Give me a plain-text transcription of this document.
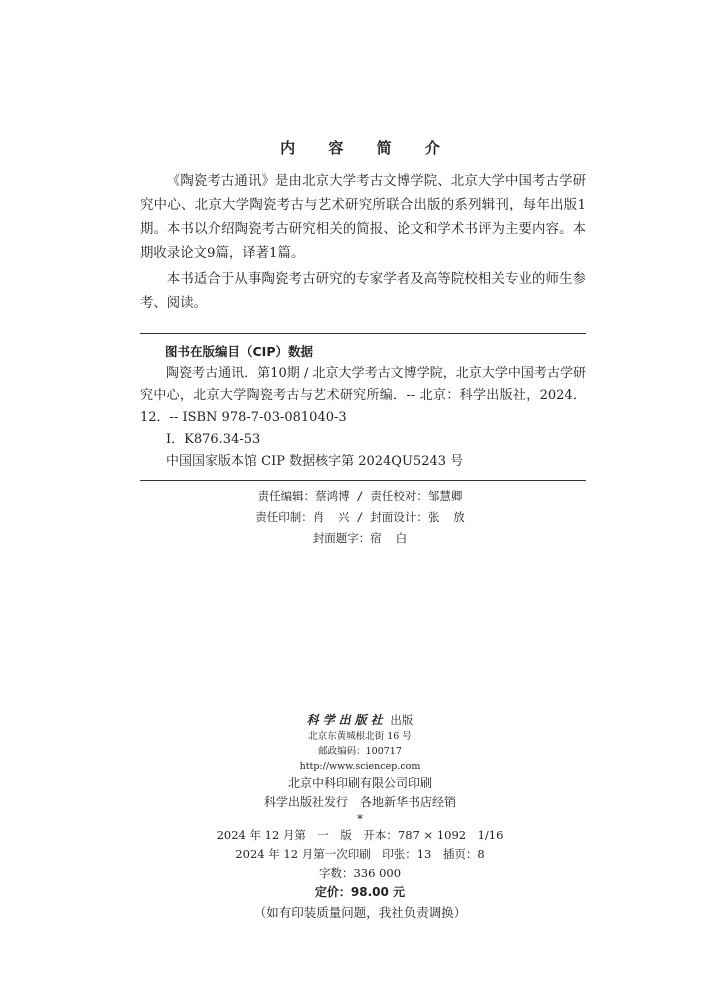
内 容 简 介

《陶瓷考古通讯》是由北京大学考古文博学院、北京大学中国考古学研究中心、北京大学陶瓷考古与艺术研究所联合出版的系列辑刊，每年出版1期。本书以介绍陶瓷考古研究相关的简报、论文和学术书评为主要内容。本期收录论文9篇，译著1篇。

本书适合于从事陶瓷考古研究的专家学者及高等院校相关专业的师生参考、阅读。

图书在版编目（CIP）数据
陶瓷考古通讯．第10期 / 北京大学考古文博学院，北京大学中国考古学研究中心，北京大学陶瓷考古与艺术研究所编．-- 北京：科学出版社，2024．12．-- ISBN 978-7-03-081040-3
Ⅰ．K876.34-53
中国国家版本馆 CIP 数据核字第 2024QU5243 号
责任编辑：蔡鸿博 / 责任校对：邹慧卿
责任印制：肖  兴 / 封面设计：张  放
封面题字：宿  白
科学出版社 出版
北京东黄城根北街 16 号
邮政编码：100717
http://www.sciencep.com
北京中科印刷有限公司印刷
科学出版社发行　各地新华书店经销
*
2024 年 12 月第　一　版　开本：787 × 1092　1/16
2024 年 12 月第一次印刷　印张：13　插页：8
字数：336 000
定价：98.00 元
（如有印装质量问题，我社负责调换）
